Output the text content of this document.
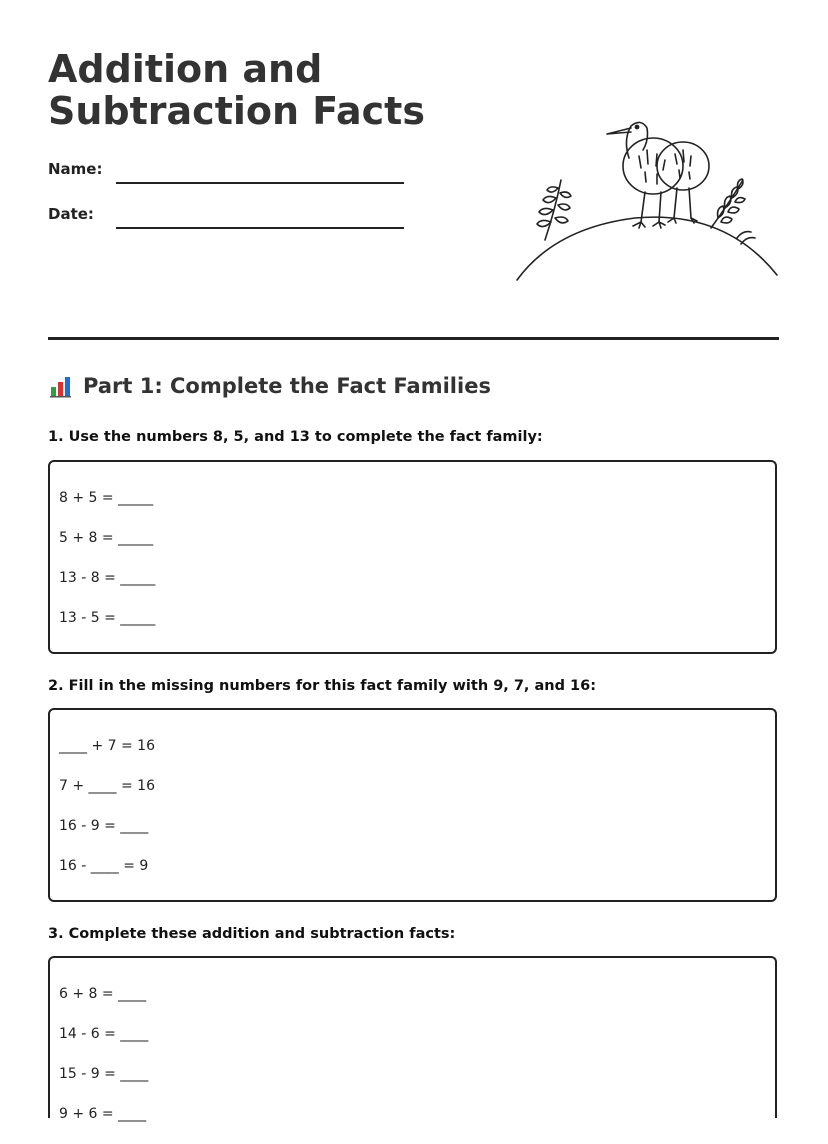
Addition and
Subtraction Facts
Name:
Date:
Part 1: Complete the Fact Families
1. Use the numbers 8, 5, and 13 to complete the fact family:
8 + 5 = _____
5 + 8 = _____
13 - 8 = _____
13 - 5 = _____
2. Fill in the missing numbers for this fact family with 9, 7, and 16:
____ + 7 = 16
7 + ____ = 16
16 - 9 = ____
16 - ____ = 9
3. Complete these addition and subtraction facts:
6 + 8 = ____
14 - 6 = ____
15 - 9 = ____
9 + 6 = ____
